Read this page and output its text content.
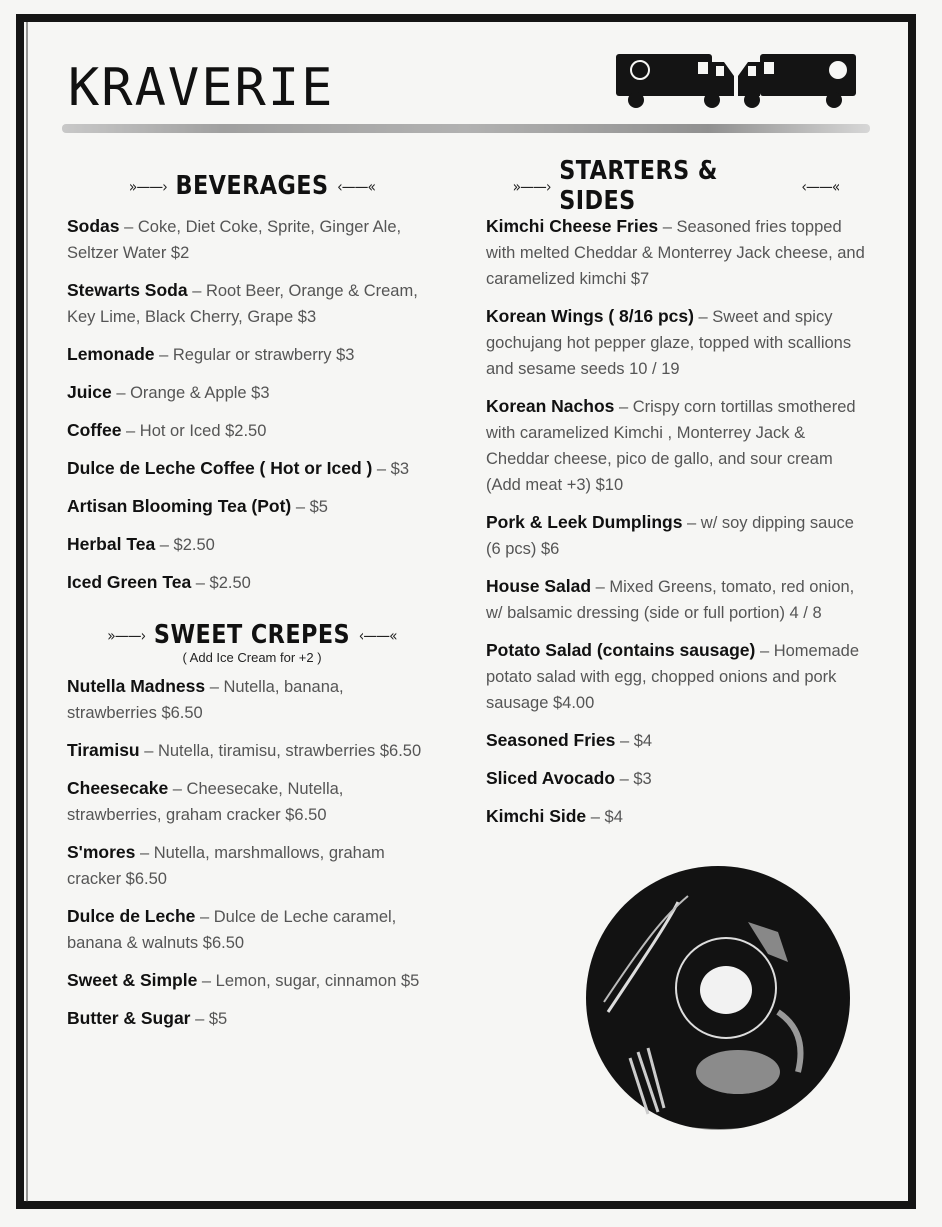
KRAVERIE
»——› BEVERAGES ‹——«
Sodas – Coke, Diet Coke, Sprite, Ginger Ale, Seltzer Water $2
Stewarts Soda – Root Beer, Orange & Cream, Key Lime, Black Cherry, Grape $3
Lemonade – Regular or strawberry $3
Juice – Orange & Apple $3
Coffee – Hot or Iced $2.50
Dulce de Leche Coffee ( Hot or Iced ) – $3
Artisan Blooming Tea (Pot) – $5
Herbal Tea – $2.50
Iced Green Tea – $2.50
»——› SWEET CREPES ‹——«
( Add Ice Cream for +2 )
Nutella Madness – Nutella, banana, strawberries $6.50
Tiramisu – Nutella, tiramisu, strawberries $6.50
Cheesecake – Cheesecake, Nutella, strawberries, graham cracker $6.50
S'mores – Nutella, marshmallows, graham cracker $6.50
Dulce de Leche – Dulce de Leche caramel, banana & walnuts $6.50
Sweet & Simple – Lemon, sugar, cinnamon $5
Butter & Sugar – $5
»——› STARTERS & SIDES	‹——«
Kimchi Cheese Fries – Seasoned fries topped with melted Cheddar & Monterrey Jack cheese, and caramelized kimchi $7
Korean Wings ( 8/16 pcs) – Sweet and spicy gochujang hot pepper glaze, topped with scallions and sesame seeds 10 / 19
Korean Nachos – Crispy corn tortillas smothered with caramelized Kimchi , Monterrey Jack & Cheddar cheese, pico de gallo, and sour cream (Add meat +3) $10
Pork & Leek Dumplings – w/ soy dipping sauce (6 pcs) $6
House Salad – Mixed Greens, tomato, red onion, w/ balsamic dressing (side or full portion) 4 / 8
Potato Salad (contains sausage) – Homemade potato salad with egg, chopped onions and pork sausage $4.00
Seasoned Fries – $4
Sliced Avocado – $3
Kimchi Side – $4
